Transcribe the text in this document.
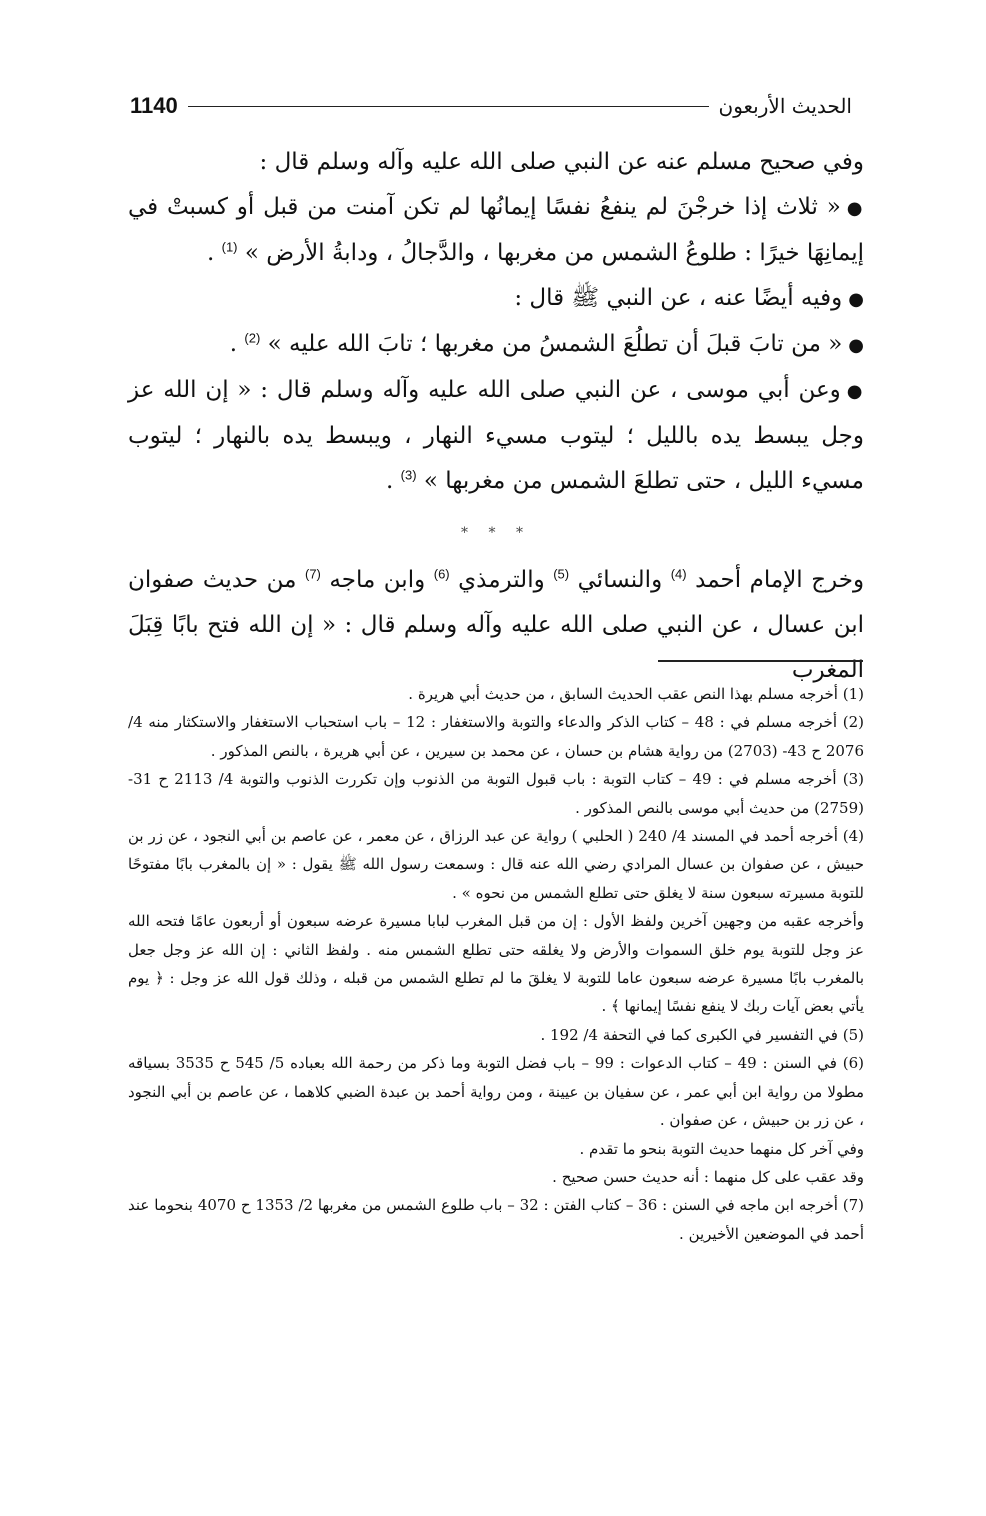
الحديث الأربعون
1140

وفي صحيح مسلم عنه عن النبي صلى الله عليه وآله وسلم قال :

●« ثلاث إذا خرجْنَ لم ينفعُ نفسًا إيمانُها لم تكن آمنت من قبل أو كسبتْ في إيمانِهَا خيرًا : طلوعُ الشمس من مغربها ، والدَّجالُ ، ودابةُ الأرض » $^{(1)}$ .

●وفيه أيضًا عنه ، عن النبي ﷺ قال :

●« من تابَ قبلَ أن تطلُعَ الشمسُ من مغربها ؛ تابَ الله عليه » $^{(2)}$ .

●وعن أبي موسى ، عن النبي صلى الله عليه وآله وسلم قال : « إن الله عز وجل يبسط يده بالليل ؛ ليتوب مسيء النهار ، ويبسط يده بالنهار ؛ ليتوب مسيء الليل ، حتى تطلعَ الشمس من مغربها » $^{(3)}$ .

* * *

وخرج الإمام أحمد $^{(4)}$ والنسائي $^{(5)}$ والترمذي $^{(6)}$ وابن ماجه $^{(7)}$ من حديث صفوان ابن عسال ، عن النبي صلى الله عليه وآله وسلم قال : « إن الله فتح بابًا قِبَلَ المغرب

(1) أخرجه مسلم بهذا النص عقب الحديث السابق ، من حديث أبي هريرة .

(2) أخرجه مسلم في : 48 – كتاب الذكر والدعاء والتوبة والاستغفار : 12 – باب استحباب الاستغفار والاستكثار منه 4/ 2076 ح 43- (2703) من رواية هشام بن حسان ، عن محمد بن سيرين ، عن أبي هريرة ، بالنص المذكور .

(3) أخرجه مسلم في : 49 – كتاب التوبة : باب قبول التوبة من الذنوب وإن تكررت الذنوب والتوبة 4/ 2113 ح 31- (2759) من حديث أبي موسى بالنص المذكور .

(4) أخرجه أحمد في المسند 4/ 240 ( الحلبي ) رواية عن عبد الرزاق ، عن معمر ، عن عاصم بن أبي النجود ، عن زر بن حبيش ، عن صفوان بن عسال المرادي رضي الله عنه قال : وسمعت رسول الله ﷺ يقول : « إن بالمغرب بابًا مفتوحًا للتوبة مسيرته سبعون سنة لا يغلق حتى تطلع الشمس من نحوه » .

وأخرجه عقبه من وجهين آخرين ولفظ الأول : إن من قبل المغرب لبابا مسيرة عرضه سبعون أو أربعون عامًا فتحه الله عز وجل للتوبة يوم خلق السموات والأرض ولا يغلقه حتى تطلع الشمس منه . ولفظ الثاني : إن الله عز وجل جعل بالمغرب بابًا مسيرة عرضه سبعون عاما للتوبة لا يغلقَ ما لم تطلع الشمس من قبله ، وذلك قول الله عز وجل : ﴿ يوم يأتي بعض آيات ربك لا ينفع نفسًا إيمانها ﴾ .

(5) في التفسير في الكبرى كما في التحفة 4/ 192 .

(6) في السنن : 49 – كتاب الدعوات : 99 – باب فضل التوبة وما ذكر من رحمة الله بعباده 5/ 545 ح 3535 بسياقه مطولا من رواية ابن أبي عمر ، عن سفيان بن عيينة ، ومن رواية أحمد بن عبدة الضبي كلاهما ، عن عاصم بن أبي النجود ، عن زر بن حبيش ، عن صفوان .

وفي آخر كل منهما حديث التوبة بنحو ما تقدم .

وقد عقب على كل منهما : أنه حديث حسن صحيح .

(7) أخرجه ابن ماجه في السنن : 36 – كتاب الفتن : 32 – باب طلوع الشمس من مغربها 2/ 1353 ح 4070 بنحوما عند أحمد في الموضعين الأخيرين .
